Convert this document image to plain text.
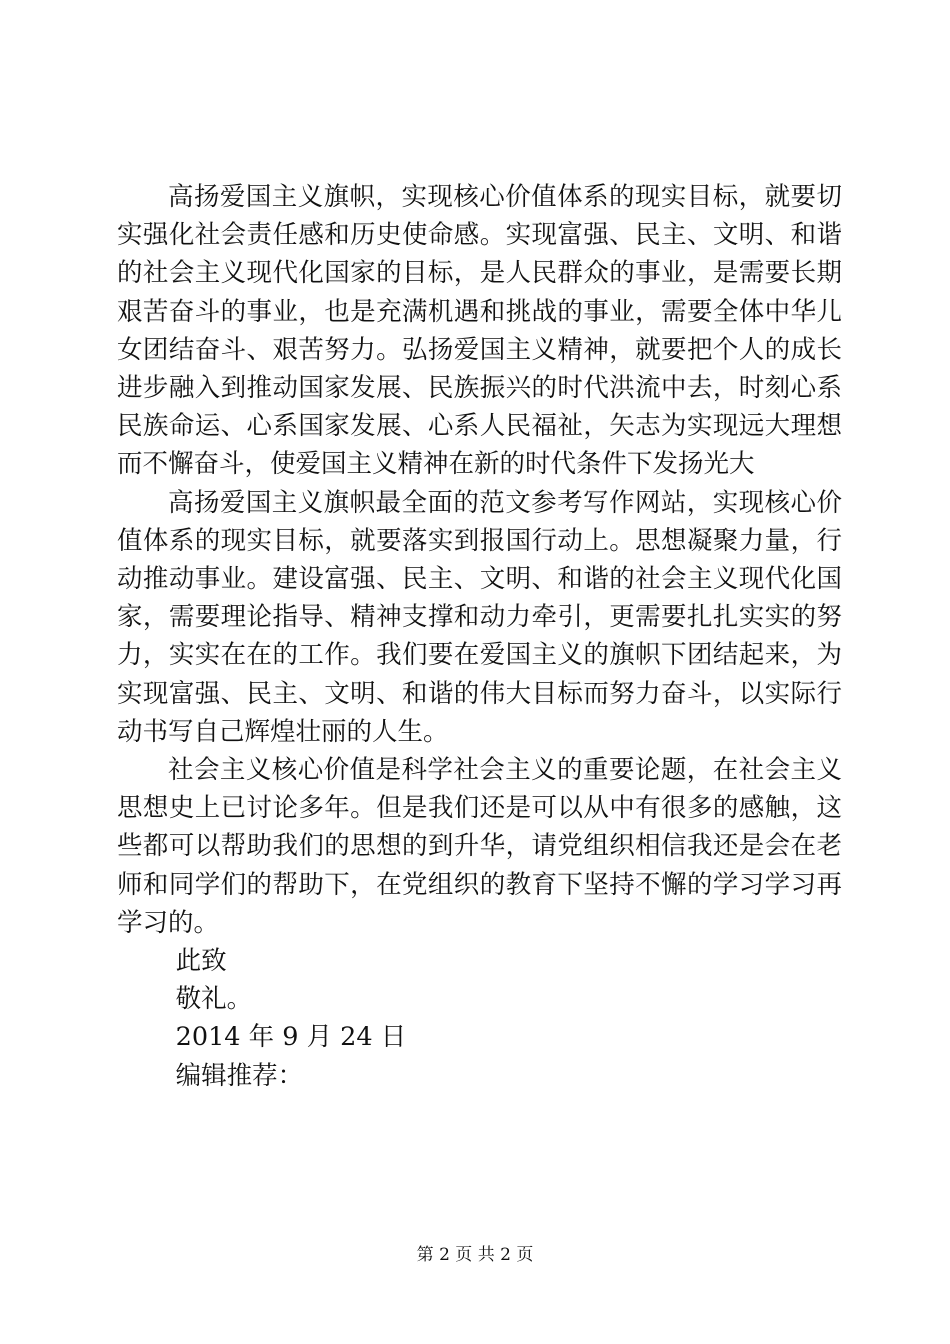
高扬爱国主义旗帜，实现核心价值体系的现实目标，就要切实强化社会责任感和历史使命感。实现富强、民主、文明、和谐的社会主义现代化国家的目标，是人民群众的事业，是需要长期艰苦奋斗的事业，也是充满机遇和挑战的事业，需要全体中华儿女团结奋斗、艰苦努力。弘扬爱国主义精神，就要把个人的成长进步融入到推动国家发展、民族振兴的时代洪流中去，时刻心系民族命运、心系国家发展、心系人民福祉，矢志为实现远大理想而不懈奋斗，使爱国主义精神在新的时代条件下发扬光大

高扬爱国主义旗帜最全面的范文参考写作网站，实现核心价值体系的现实目标，就要落实到报国行动上。思想凝聚力量，行动推动事业。建设富强、民主、文明、和谐的社会主义现代化国家，需要理论指导、精神支撑和动力牵引，更需要扎扎实实的努力，实实在在的工作。我们要在爱国主义的旗帜下团结起来，为实现富强、民主、文明、和谐的伟大目标而努力奋斗，以实际行动书写自己辉煌壮丽的人生。

社会主义核心价值是科学社会主义的重要论题，在社会主义思想史上已讨论多年。但是我们还是可以从中有很多的感触，这些都可以帮助我们的思想的到升华，请党组织相信我还是会在老师和同学们的帮助下，在党组织的教育下坚持不懈的学习学习再学习的。

此致

敬礼。

2014 年 9 月 24 日

编辑推荐：

第 2 页 共 2 页
